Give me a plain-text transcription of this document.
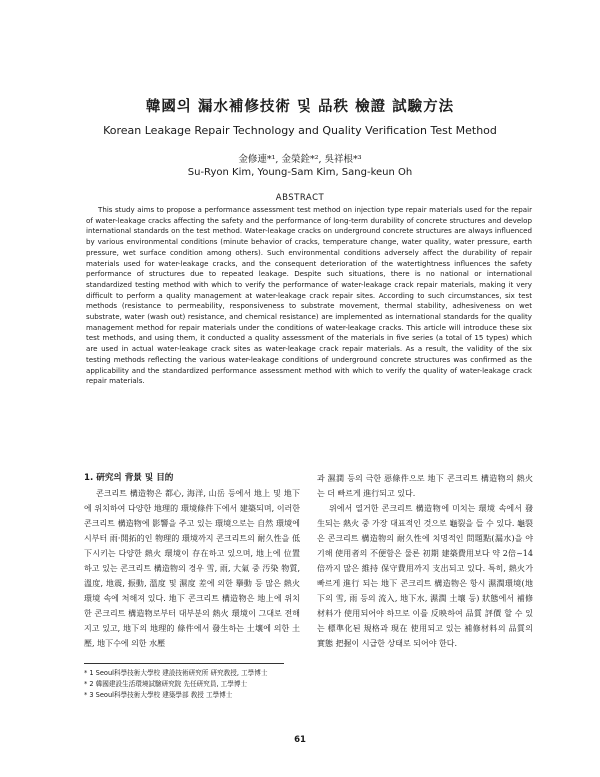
韓國의 漏水補修技術 및 品秩 檢證 試驗方法
Korean Leakage Repair Technology and Quality Verification Test Method
金修連*¹, 金榮銓*², 吳祥根*³
Su-Ryon Kim, Young-Sam Kim, Sang-keun Oh
ABSTRACT

This study aims to propose a performance assessment test method on injection type repair materials used for the repair of water-leakage cracks affecting the safety and the performance of long-term durability of concrete structures and develop international standards on the test method. Water-leakage cracks on underground concrete structures are always influenced by various environmental conditions (minute behavior of cracks, temperature change, water quality, water pressure, earth pressure, wet surface condition among others). Such environmental conditions adversely affect the durability of repair materials used for water-leakage cracks, and the consequent deterioration of the watertightness influences the safety performance of structures due to repeated leakage. Despite such situations, there is no national or international standardized testing method with which to verify the performance of water-leakage crack repair materials, making it very difficult to perform a quality management at water-leakage crack repair sites. According to such circumstances, six test methods (resistance to permeability, responsiveness to substrate movement, thermal stability, adhesiveness on wet substrate, water (wash out) resistance, and chemical resistance) are implemented as international standards for the quality management method for repair materials under the conditions of water-leakage cracks. This article will introduce these six test methods, and using them, it conducted a quality assessment of the materials in five series (a total of 15 types) which are used in actual water-leakage crack sites as water-leakage crack repair materials. As a result, the validity of the six testing methods reflecting the various water-leakage conditions of underground concrete structures was confirmed as the applicability and the standardized performance assessment method with which to verify the quality of water-leakage crack repair materials.

1. 硏究의 背景 및 目的

콘크리트 構造物은 都心, 海洋, 山岳 등에서 地上 및 地下에 위치하여 다양한 地理的 環境條件下에서 建築되며, 이러한 콘크리트 構造物에 影響을 주고 있는 環境으로는 自然 環境에 시부터 雨·開拓的인 物理的 環境까지 콘크리트의 耐久性을 低下시키는 다양한 熱火 環境이 存在하고 있으며, 地上에 位置하고 있는 콘크리트 構造物의 경우 雪, 雨, 大氣 중 汚染 物質, 溫度, 地震, 振動, 溫度 및 濕度 差에 의한 擧動 등 많은 熱火 環境 속에 처해져 있다. 地下 콘크리트 構造物은 地上에 위치한 콘크리트 構造物로부터 대부분의 熱火 環境이 그대로 전해지고 있고, 地下의 地理的 條件에서 發生하는 土壤에 의한 土壓, 地下수에 의한 水壓

과 濕潤 등의 극한 惡條件으로 地下 콘크리트 構造物의 熱火는 더 빠르게 進行되고 있다.

위에서 열거한 콘크리트 構造物에 미치는 環境 속에서 發生되는 熱火 중 가장 대표적인 것으로 龜裂을 들 수 있다. 龜裂은 콘크리트 構造物의 耐久性에 치명적인 問題點(漏水)을 야기해 使用者의 不便함은 물론 初期 建築費用보다 약 2倍~14倍까지 많은 維持 保守費用까지 支出되고 있다. 특히, 熱火가 빠르게 進行 되는 地下 콘크리트 構造物은 항시 濕潤環境(地下의 雪, 雨 등의 流入, 地下水, 濕潤 土壤 등) 狀態에서 補修材料가 使用되어야 하므로 이를 反映하여 品質 評價 할 수 있는 標準化된 規格과 現在 使用되고 있는 補修材料의 品質의 實態 把握이 시급한 상태로 되어야 한다.

* 1 Seoul科學技術大學校 建設技術硏究所 硏究敎授, 工學博士
* 2 韓國建設生活環境試驗硏究院 先任硏究員, 工學博士
* 3 Seoul科學技術大學校 建築學部 敎授 工學博士
61
